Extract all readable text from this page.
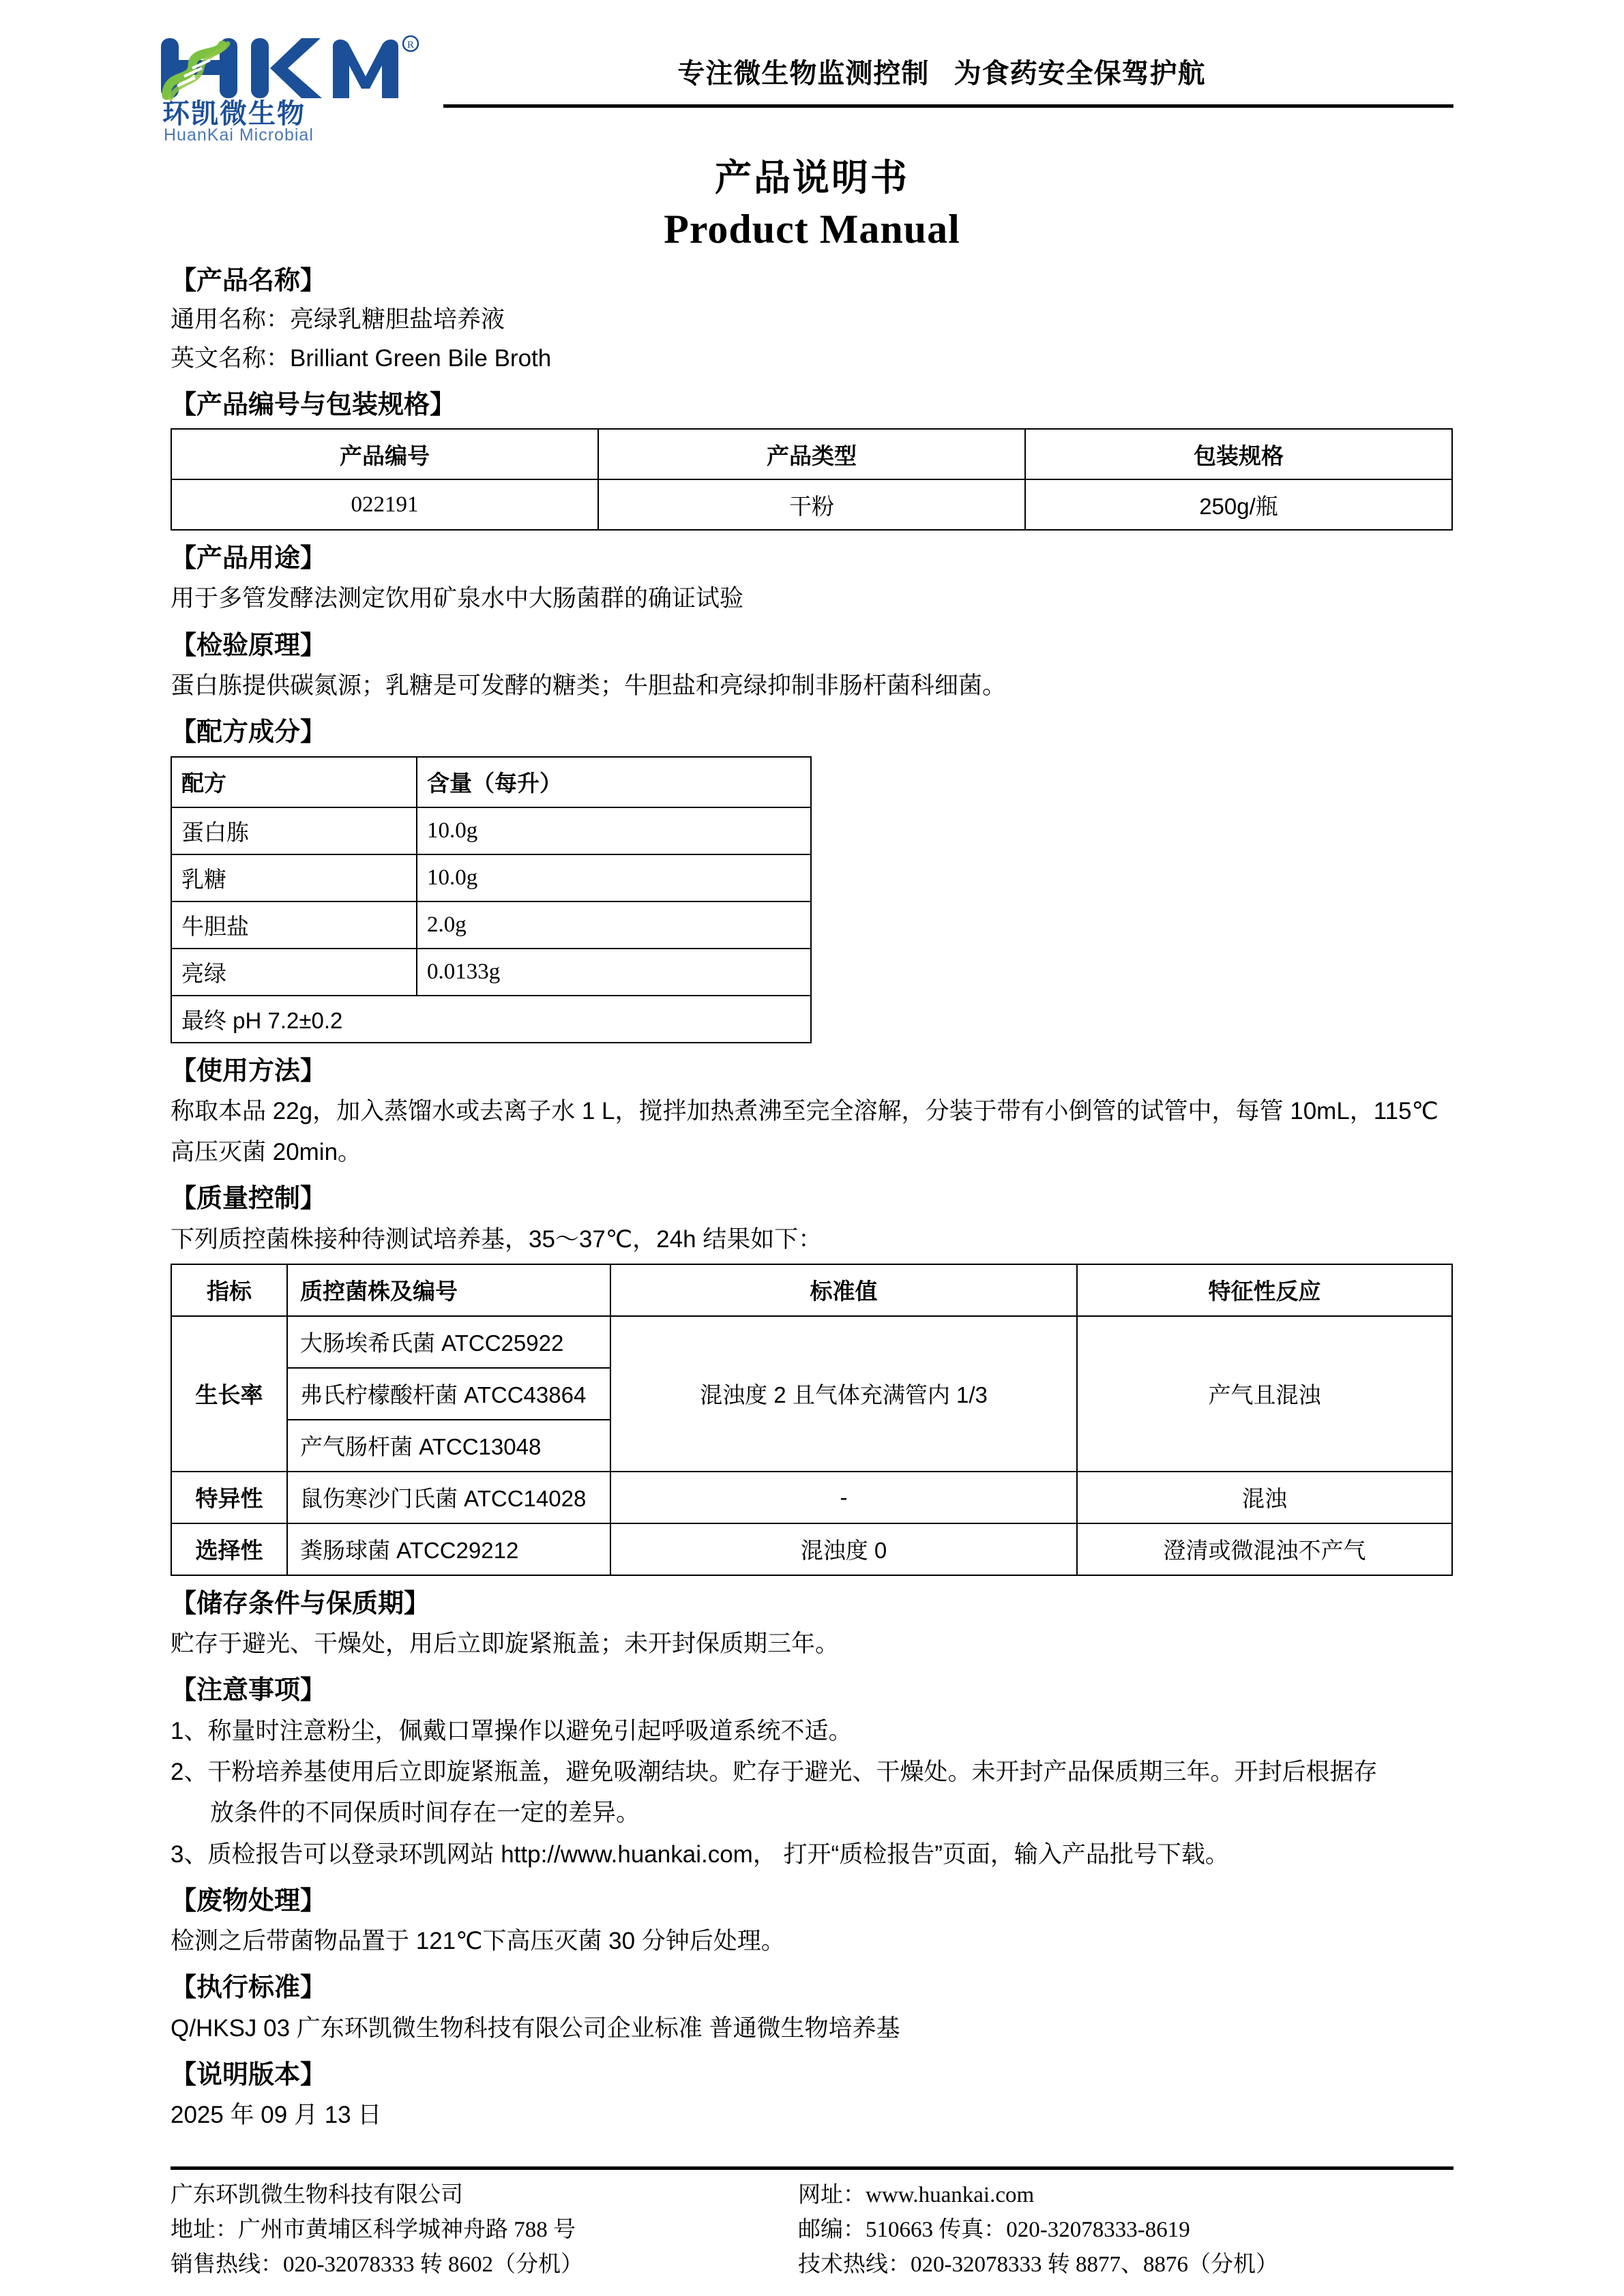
R
环凯微生物
HuanKai Microbial
专注微生物监测控制   为食药安全保驾护航
产品说明书
Product Manual
【产品名称】
通用名称：亮绿乳糖胆盐培养液
英文名称：Brilliant Green Bile Broth
【产品编号与包装规格】
产品编号	产品类型	包装规格
022191	干粉	250g/瓶
【产品用途】
用于多管发酵法测定饮用矿泉水中大肠菌群的确证试验
【检验原理】
蛋白胨提供碳氮源；乳糖是可发酵的糖类；牛胆盐和亮绿抑制非肠杆菌科细菌。
【配方成分】
配方	含量（每升）
蛋白胨	10.0g
乳糖	10.0g
牛胆盐	2.0g
亮绿	0.0133g
最终 pH 7.2±0.2	
【使用方法】
称取本品 22g，加入蒸馏水或去离子水 1 L，搅拌加热煮沸至完全溶解，分装于带有小倒管的试管中，每管 10mL，115℃
高压灭菌 20min。
【质量控制】
下列质控菌株接种待测试培养基，35～37℃，24h 结果如下：
指标	质控菌株及编号	标准值	特征性反应
生长率	大肠埃希氏菌 ATCC25922	混浊度 2 且气体充满管内 1/3	产气且混浊
	弗氏柠檬酸杆菌 ATCC43864		
	产气肠杆菌 ATCC13048		
特异性	鼠伤寒沙门氏菌 ATCC14028	-	混浊
选择性	粪肠球菌 ATCC29212	混浊度 0	澄清或微混浊不产气
【储存条件与保质期】
贮存于避光、干燥处，用后立即旋紧瓶盖；未开封保质期三年。
【注意事项】
1、称量时注意粉尘，佩戴口罩操作以避免引起呼吸道系统不适。
2、干粉培养基使用后立即旋紧瓶盖，避免吸潮结块。贮存于避光、干燥处。未开封产品保质期三年。开封后根据存
放条件的不同保质时间存在一定的差异。
3、质检报告可以登录环凯网站 http://www.huankai.com， 打开“质检报告”页面，输入产品批号下载。
【废物处理】
检测之后带菌物品置于 121℃下高压灭菌 30 分钟后处理。
【执行标准】
Q/HKSJ 03 广东环凯微生物科技有限公司企业标准 普通微生物培养基
【说明版本】
2025 年 09 月 13 日
广东环凯微生物科技有限公司
地址：广州市黄埔区科学城神舟路 788 号
销售热线：020-32078333 转 8602（分机）
网址：www.huankai.com
邮编：510663 传真：020-32078333-8619
技术热线：020-32078333 转 8877、8876（分机）
